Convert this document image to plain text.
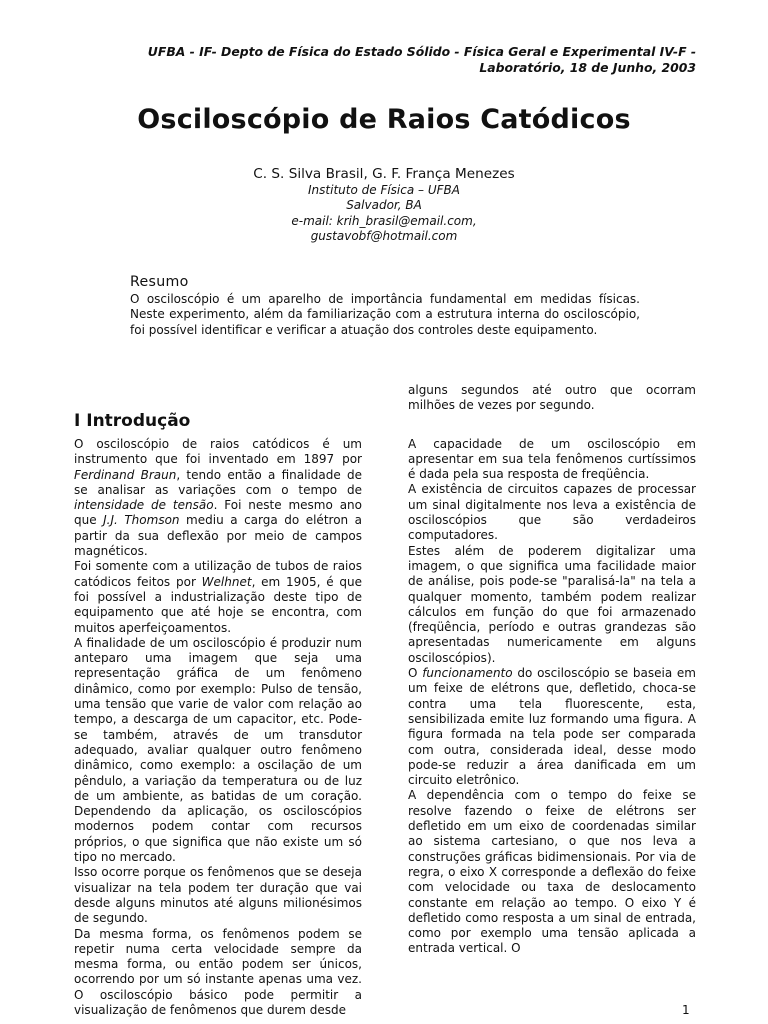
UFBA - IF- Depto de Física do Estado Sólido - Física Geral e Experimental IV-F -
Laboratório, 18 de Junho, 2003
Osciloscópio de Raios Catódicos
C. S. Silva Brasil, G. F. França Menezes
Instituto de Física – UFBA
Salvador, BA
e-mail: krih_brasil@email.com,
gustavobf@hotmail.com
Resumo
O osciloscópio é um aparelho de importância fundamental em medidas físicas. Neste experimento, além da familiarização com a estrutura interna do osciloscópio, foi possível identificar e verificar a atuação dos controles deste equipamento.
I Introdução

O osciloscópio de raios catódicos é um instrumento que foi inventado em 1897 por Ferdinand Braun, tendo então a finalidade de se analisar as variações com o tempo de intensidade de tensão. Foi neste mesmo ano que J.J. Thomson mediu a carga do elétron a partir da sua deflexão por meio de campos magnéticos.

Foi somente com a utilização de tubos de raios catódicos feitos por Welhnet, em 1905, é que foi possível a industrialização deste tipo de equipamento que até hoje se encontra, com muitos aperfeiçoamentos.

A finalidade de um osciloscópio é produzir num anteparo uma imagem que seja uma representação gráfica de um fenômeno dinâmico, como por exemplo: Pulso de tensão, uma tensão que varie de valor com relação ao tempo, a descarga de um capacitor, etc. Pode-se também, através de um transdutor adequado, avaliar qualquer outro fenômeno dinâmico, como exemplo: a oscilação de um pêndulo, a variação da temperatura ou de luz de um ambiente, as batidas de um coração. Dependendo da aplicação, os osciloscópios modernos podem contar com recursos próprios, o que significa que não existe um só tipo no mercado.

Isso ocorre porque os fenômenos que se deseja visualizar na tela podem ter duração que vai desde alguns minutos até alguns milionésimos de segundo.

Da mesma forma, os fenômenos podem se repetir numa certa velocidade sempre da mesma forma, ou então podem ser únicos, ocorrendo por um só instante apenas uma vez. O osciloscópio básico pode permitir a visualização de fenômenos que durem desde

alguns segundos até outro que ocorram milhões de vezes por segundo.

A capacidade de um osciloscópio em apresentar em sua tela fenômenos curtíssimos é dada pela sua resposta de freqüência.

A existência de circuitos capazes de processar um sinal digitalmente nos leva a existência de osciloscópios que são verdadeiros computadores.

Estes além de poderem digitalizar uma imagem, o que significa uma facilidade maior de análise, pois pode-se "paralisá-la" na tela a qualquer momento, também podem realizar cálculos em função do que foi armazenado (freqüência, período e outras grandezas são apresentadas numericamente em alguns osciloscópios).

O funcionamento do osciloscópio se baseia em um feixe de elétrons que, defletido, choca-se contra uma tela fluorescente, esta, sensibilizada emite luz formando uma figura. A figura formada na tela pode ser comparada com outra, considerada ideal, desse modo pode-se reduzir a área danificada em um circuito eletrônico.

A dependência com o tempo do feixe se resolve fazendo o feixe de elétrons ser defletido em um eixo de coordenadas similar ao sistema cartesiano, o que nos leva a construções gráficas bidimensionais. Por via de regra, o eixo X corresponde a deflexão do feixe com velocidade ou taxa de deslocamento constante em relação ao tempo. O eixo Y é defletido como resposta a um sinal de entrada, como por exemplo uma tensão aplicada a entrada vertical. O

1
